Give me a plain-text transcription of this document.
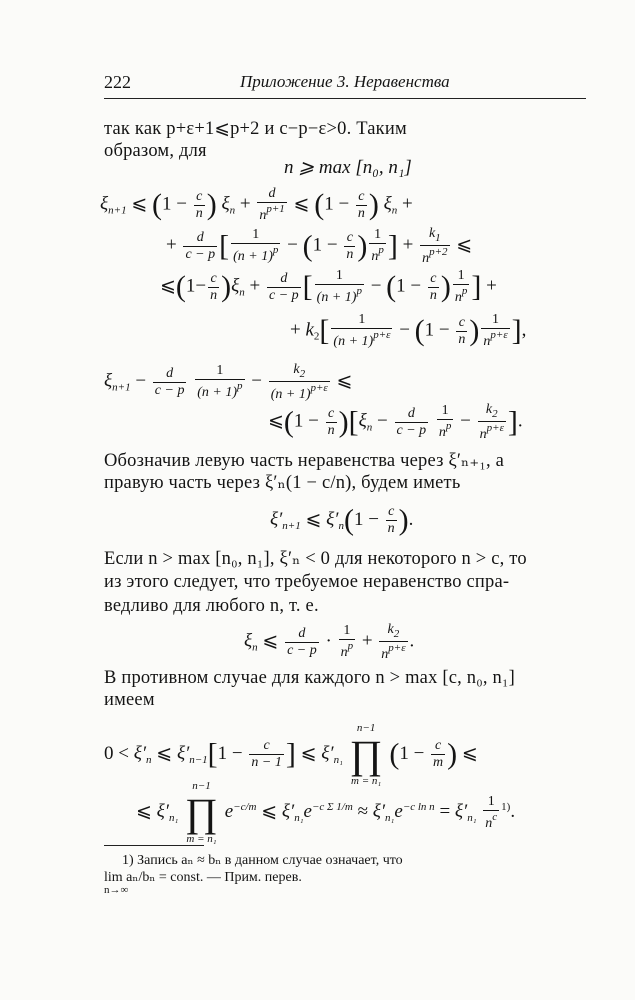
222	Приложение 3. Неравенства
так как p+ε+1⩽p+2 и c−p−ε>0. Таким
образом, для
n ⩾ max [n₀, n₁]
$\xi_{n+1}$ ⩽ ($1 - \frac{c}{n}$ ) $\xi_n + \frac{d}{n^{p+1}}$ ⩽ ($1 - \frac{c}{n}$ ) $\xi_n$ +
+ $\frac{d}{c - p}$ [ $\frac{1}{(n + 1)^p} - (1 - \frac{c}{n}$ ) $\frac{1}{n^p}$ ] + $\frac{k_1}{n^{p+2}}$ ⩽
⩽(1− $\frac{c}{n} )\xi_n + \frac{d}{c - p}$ [ $\frac{1}{(n + 1)^p} - (1 - \frac{c}{n}$ ) $\frac{1}{n^p}$ ] +
+ $k_2[ \frac{1}{(n + 1)^{p+\varepsilon}} - (1 - \frac{c}{n}$ ) $\frac{1}{n^{p+\varepsilon}}$ ],
$\xi_{n+1} - \frac{d}{c - p}$
$\frac{1}{(n + 1)^p} - \frac{k_2}{(n + 1)^{p+\varepsilon}}$ ⩽
⩽(1 − $\frac{c}{n} )[\xi_n - \frac{d}{c - p}$
$\frac{1}{n^p} - \frac{k_2}{n^{p+\varepsilon}}$ ].
Обозначив левую часть неравенства через ξ′ₙ₊₁, а
правую часть через ξ′ₙ(1 − c/n), будем иметь
$\xi'_{n+1}$ ⩽ $\xi'_n(1 - \frac{c}{n}$ ).
Если n > max [n₀, n₁], ξ′ₙ < 0 для некоторого n > c, то
из этого следует, что требуемое неравенство спра-
ведливо для любого n, т. е.
$\xi_n$ ⩽ $\frac{d}{c - p} \cdot \frac{1}{n^p} + \frac{k_2}{n^{p+\varepsilon}}$ .
В противном случае для каждого n > max [c, n₀, n₁]
имеем
$0 < \xi'_n$ ⩽ $\xi'_{n-1}[1 - \frac{c}{n - 1}$ ] ⩽ $\xi'_{n_1}$
n−1
∏
m = n₁
($1 - \frac{c}{m}$ ) ⩽
⩽ $\xi'_{n_1}$
n−1
∏
m = n₁
$e^{-c/m}$ ⩽ $\xi'_{n_1}e^{-c \Sigma 1/m} \approx \xi'_{n_1}e^{-c ln n} = \xi'_{n_1} \frac{1}{n^c} ^{1)}$.
1) Запись aₙ ≈ bₙ в данном случае означает, что
lim aₙ/bₙ = const. — Прим. перев.
n→∞
